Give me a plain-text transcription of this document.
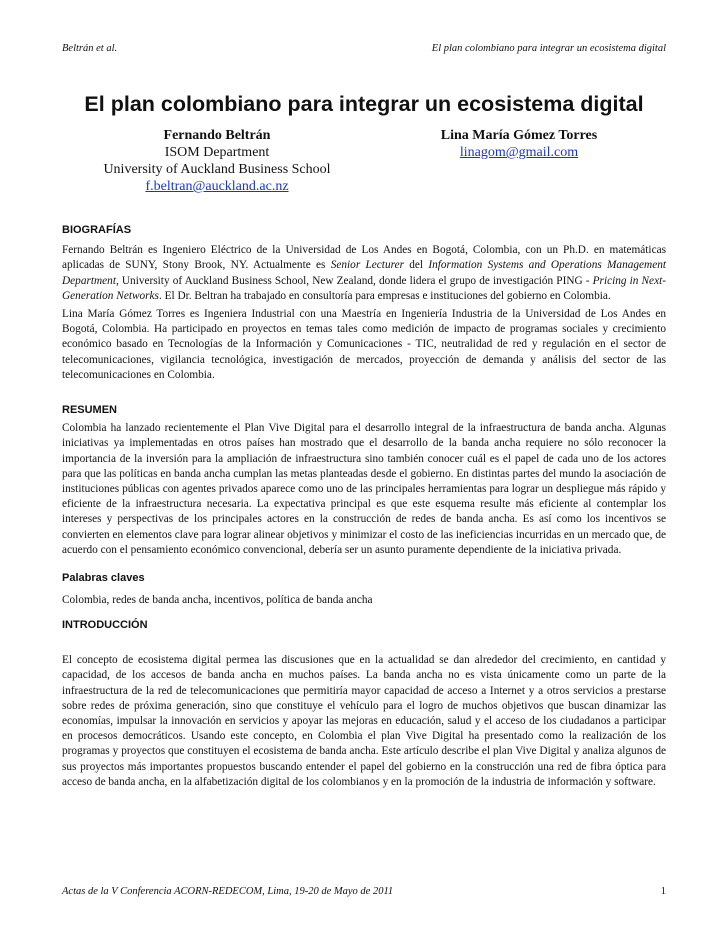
Beltrán et al.	El plan colombiano para integrar un ecosistema digital
El plan colombiano para integrar un ecosistema digital
Fernando Beltrán
ISOM Department
University of Auckland Business School
f.beltran@auckland.ac.nz
Lina María Gómez Torres
linagom@gmail.com

BIOGRAFÍAS

Fernando Beltrán es Ingeniero Eléctrico de la Universidad de Los Andes en Bogotá, Colombia, con un Ph.D. en matemáticas aplicadas de SUNY, Stony Brook, NY. Actualmente es Senior Lecturer del Information Systems and Operations Management Department, University of Auckland Business School, New Zealand, donde lidera el grupo de investigación PING - Pricing in Next-Generation Networks. El Dr. Beltran ha trabajado en consultoría para empresas e instituciones del gobierno en Colombia.

Lina María Gómez Torres es Ingeniera Industrial con una Maestría en Ingeniería Industria de la Universidad de Los Andes en Bogotá, Colombia. Ha participado en proyectos en temas tales como medición de impacto de programas sociales y crecimiento económico basado en Tecnologías de la Información y Comunicaciones - TIC, neutralidad de red y regulación en el sector de telecomunicaciones, vigilancia tecnológica, investigación de mercados, proyección de demanda y análisis del sector de las telecomunicaciones en Colombia.

RESUMEN

Colombia ha lanzado recientemente el Plan Vive Digital para el desarrollo integral de la infraestructura de banda ancha. Algunas iniciativas ya implementadas en otros países han mostrado que el desarrollo de la banda ancha requiere no sólo reconocer la importancia de la inversión para la ampliación de infraestructura sino también conocer cuál es el papel de cada uno de los actores para que las políticas en banda ancha cumplan las metas planteadas desde el gobierno. En distintas partes del mundo la asociación de instituciones públicas con agentes privados aparece como uno de las principales herramientas para lograr un despliegue más rápido y eficiente de la infraestructura necesaria. La expectativa principal es que este esquema resulte más eficiente al contemplar los intereses y perspectivas de los principales actores en la construcción de redes de banda ancha. Es así como los incentivos se convierten en elementos clave para lograr alinear objetivos y minimizar el costo de las ineficiencias incurridas en un mercado que, de acuerdo con el pensamiento económico convencional, debería ser un asunto puramente dependiente de la iniciativa privada.

Palabras claves

Colombia, redes de banda ancha, incentivos, política de banda ancha

INTRODUCCIÓN

El concepto de ecosistema digital permea las discusiones que en la actualidad se dan alrededor del crecimiento, en cantidad y capacidad, de los accesos de banda ancha en muchos países. La banda ancha no es vista únicamente como un parte de la infraestructura de la red de telecomunicaciones que permitiría mayor capacidad de acceso a Internet y a otros servicios a prestarse sobre redes de próxima generación, sino que constituye el vehículo para el logro de muchos objetivos que buscan dinamizar las economías, impulsar la innovación en servicios y apoyar las mejoras en educación, salud y el acceso de los ciudadanos a participar en procesos democráticos. Usando este concepto, en Colombia el plan Vive Digital ha presentado como la realización de los programas y proyectos que constituyen el ecosistema de banda ancha. Este artículo describe el plan Vive Digital y analiza algunos de sus proyectos más importantes propuestos buscando entender el papel del gobierno en la construcción una red de fibra óptica para acceso de banda ancha, en la alfabetización digital de los colombianos y en la promoción de la industria de información y software.

Actas de la V Conferencia ACORN-REDECOM, Lima, 19-20 de Mayo de 2011	1
